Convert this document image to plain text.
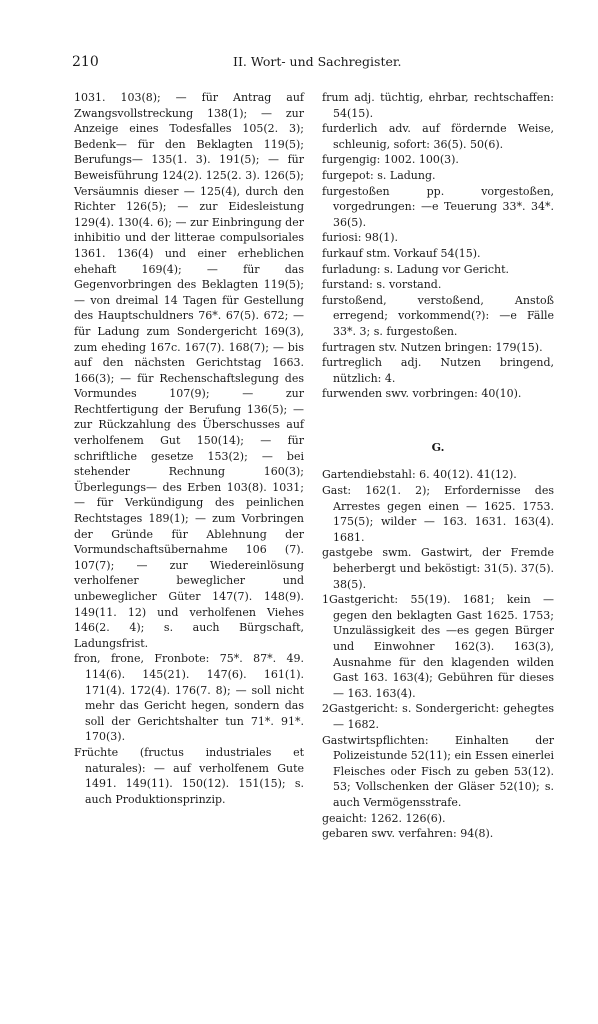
210	II. Wort- und Sachregister.

1031. 103(8); — für Antrag auf Zwangsvollstreckung 138(1); — zur Anzeige eines Todesfalles 105(2. 3); Bedenk— für den Beklagten 119(5); Berufungs— 135(1. 3). 191(5); — für Beweisführung 124(2). 125(2. 3). 126(5); Versäumnis dieser — 125(4), durch den Richter 126(5); — zur Eidesleistung 129(4). 130(4. 6); — zur Einbringung der inhibitio und der litterae compulsoriales 1361. 136(4) und einer erheblichen ehehaft 169(4); — für das Gegenvorbringen des Beklagten 119(5); — von dreimal 14 Tagen für Gestellung des Hauptschuldners 76*. 67(5). 672; — für Ladung zum Sondergericht 169(3), zum eheding 167c. 167(7). 168(7); — bis auf den nächsten Gerichtstag 1663. 166(3); — für Rechenschaftslegung des Vormundes 107(9); — zur Rechtfertigung der Berufung 136(5); — zur Rückzahlung des Überschusses auf verholfenem Gut 150(14); — für schriftliche gesetze 153(2); — bei stehender Rechnung 160(3); Überlegungs— des Erben 103(8). 1031; — für Verkündigung des peinlichen Rechtstages 189(1); — zum Vorbringen der Gründe für Ablehnung der Vormundschaftsübernahme 106 (7). 107(7); — zur Wiedereinlösung verholfener beweglicher und unbeweglicher Güter 147(7). 148(9). 149(11. 12) und verholfenen Viehes 146(2. 4); s. auch Bürgschaft, Ladungsfrist.

fron, frone, Fronbote: 75*. 87*. 49. 114(6). 145(21). 147(6). 161(1). 171(4). 172(4). 176(7. 8); — soll nicht mehr das Gericht hegen, sondern das soll der Gerichtshalter tun 71*. 91*. 170(3).

Früchte (fructus industriales et naturales): — auf verholfenem Gute 1491. 149(11). 150(12). 151(15); s. auch Produktionsprinzip.

frum adj. tüchtig, ehrbar, rechtschaffen: 54(15).

furderlich adv. auf fördernde Weise, schleunig, sofort: 36(5). 50(6).

furgengig: 1002. 100(3).

furgepot: s. Ladung.

furgestoßen pp. vorgestoßen, vorgedrungen: —e Teuerung 33*. 34*. 36(5).

furiosi: 98(1).

furkauf stm. Vorkauf 54(15).

furladung: s. Ladung vor Gericht.

furstand: s. vorstand.

furstoßend, verstoßend, Anstoß erregend; vorkommend(?): —e Fälle 33*. 3; s. furgestoßen.

furtragen stv. Nutzen bringen: 179(15).

furtreglich adj. Nutzen bringend, nützlich: 4.

furwenden swv. vorbringen: 40(10).

G.

Gartendiebstahl: 6. 40(12). 41(12).

Gast: 162(1. 2); Erfordernisse des Arrestes gegen einen — 1625. 1753. 175(5); wilder — 163. 1631. 163(4). 1681.

gastgebe swm. Gastwirt, der Fremde beherbergt und beköstigt: 31(5). 37(5). 38(5).

1Gastgericht: 55(19). 1681; kein — gegen den beklagten Gast 1625. 1753; Unzulässigkeit des —es gegen Bürger und Einwohner 162(3). 163(3), Ausnahme für den klagenden wilden Gast 163. 163(4); Gebühren für dieses — 163. 163(4).

2Gastgericht: s. Sondergericht: gehegtes — 1682.

Gastwirtspflichten: Einhalten der Polizeistunde 52(11); ein Essen einerlei Fleisches oder Fisch zu geben 53(12). 53; Vollschenken der Gläser 52(10); s. auch Vermögensstrafe.

geaicht: 1262. 126(6).

gebaren swv. verfahren: 94(8).
